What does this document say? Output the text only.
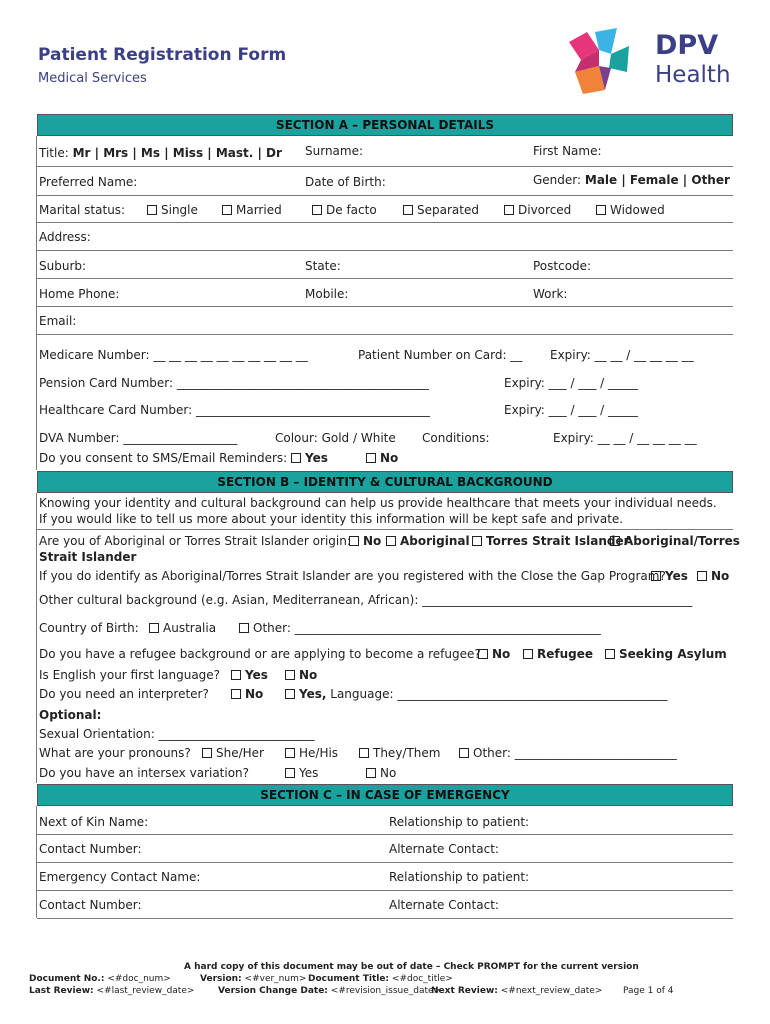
Patient Registration Form
Medical Services
DPV
Health
SECTION A – PERSONAL DETAILS
Title: Mr | Mrs | Ms | Miss | Mast. | Dr Surname:	First Name:
Preferred Name:	Date of Birth:	Gender: Male | Female | Other
Marital status:	Single	Married	De facto	Separated	Divorced	Widowed
Address:
Suburb:	State:	Postcode:
Home Phone:	Mobile:	Work:
Email:
Medicare Number: __ __ __ __ __ __ __ __ __ __	Patient Number on Card: __ Expiry: __ __ / __ __ __ __
Pension Card Number: __________________________________________	Expiry: ___ / ___ / _____
Healthcare Card Number: _______________________________________	Expiry: ___ / ___ / _____
DVA Number: ___________________	Colour: Gold / White Conditions:	Expiry: __ __ / __ __ __ __
Do you consent to SMS/Email Reminders:	Yes	No
SECTION B – IDENTITY & CULTURAL BACKGROUND
Knowing your identity and cultural background can help us provide healthcare that meets your individual needs.
If you would like to tell us more about your identity this information will be kept safe and private.
Are you of Aboriginal or Torres Strait Islander origin:	No	Aboriginal	Torres Strait Islander
Aboriginal/Torres
Strait Islander
If you do identify as Aboriginal/Torres Strait Islander are you registered with the Close the Gap Program? Yes	No
Other cultural background (e.g. Asian, Mediterranean, African): _____________________________________________
Country of Birth:	Australia	Other: ___________________________________________________
Do you have a refugee background or are applying to become a refugee? No	Refugee	Seeking Asylum
Is English your first language?	Yes	No
Do you need an interpreter?	No	Yes, Language: _____________________________________________
Optional:
Sexual Orientation: __________________________
What are your pronouns?	She/Her	He/His	They/Them	Other: ___________________________
Do you have an intersex variation?	Yes	No
SECTION C – IN CASE OF EMERGENCY
Next of Kin Name:	Relationship to patient:
Contact Number:	Alternate Contact:
Emergency Contact Name:	Relationship to patient:
Contact Number:	Alternate Contact:
A hard copy of this document may be out of date – Check PROMPT for the current version
Document No.: <#doc_num>	Version: <#ver_num> Document Title: <#doc_title>
Last Review: <#last_review_date>	Version Change Date: <#revision_issue_date>
Next Review: <#next_review_date> Page 1 of 4
